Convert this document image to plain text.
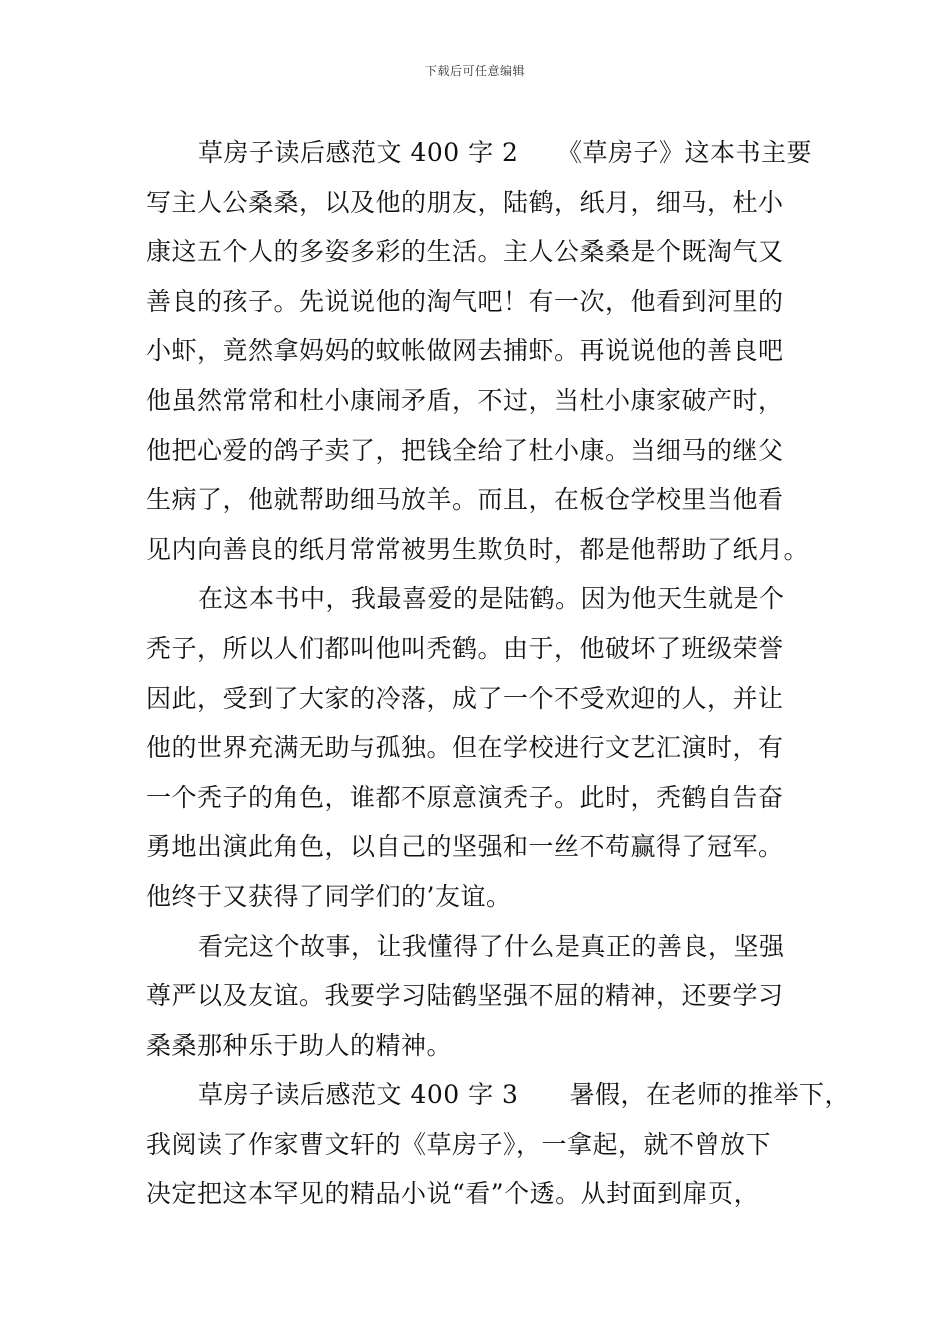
下载后可任意编辑
草房子读后感范文 400 字 2　　《草房子》这本书主要
写主人公桑桑，以及他的朋友，陆鹤，纸月，细马，杜小
康这五个人的多姿多彩的生活。主人公桑桑是个既淘气又
善良的孩子。先说说他的淘气吧！有一次，他看到河里的
小虾，竟然拿妈妈的蚊帐做网去捕虾。再说说他的善良吧
他虽然常常和杜小康闹矛盾，不过，当杜小康家破产时，
他把心爱的鸽子卖了，把钱全给了杜小康。当细马的继父
生病了，他就帮助细马放羊。而且，在板仓学校里当他看
见内向善良的纸月常常被男生欺负时，都是他帮助了纸月。
在这本书中，我最喜爱的是陆鹤。因为他天生就是个
秃子，所以人们都叫他叫秃鹤。由于，他破坏了班级荣誉
因此，受到了大家的冷落，成了一个不受欢迎的人，并让
他的世界充满无助与孤独。但在学校进行文艺汇演时，有
一个秃子的角色，谁都不原意演秃子。此时，秃鹤自告奋
勇地出演此角色，以自己的坚强和一丝不苟赢得了冠军。
他终于又获得了同学们的’友谊。
看完这个故事，让我懂得了什么是真正的善良，坚强
尊严以及友谊。我要学习陆鹤坚强不屈的精神，还要学习
桑桑那种乐于助人的精神。
草房子读后感范文 400 字 3　　暑假，在老师的推举下，
我阅读了作家曹文轩的《草房子》，一拿起，就不曾放下
决定把这本罕见的精品小说“看”个透。从封面到扉页，
